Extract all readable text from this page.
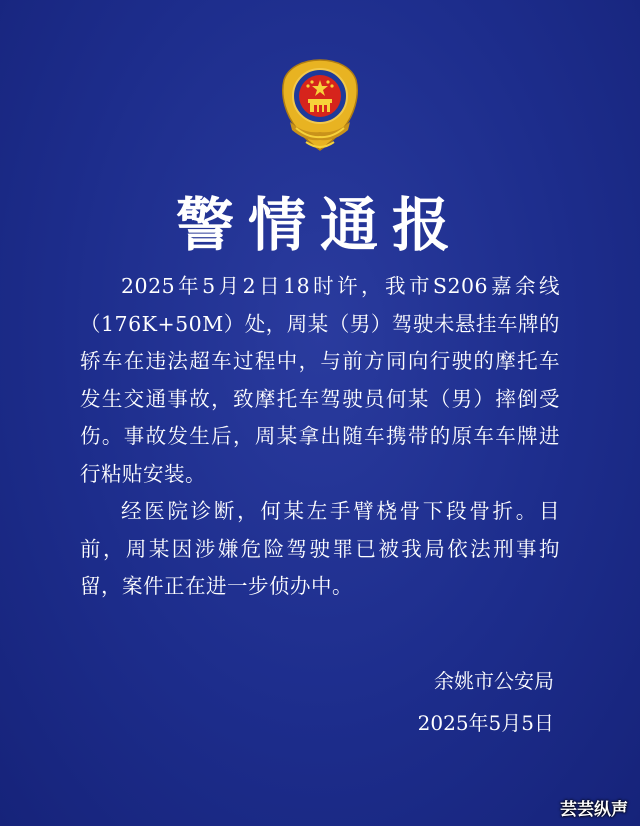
警情通报

2025年5月2日18时许，我市S206嘉余线（176K+50M）处，周某（男）驾驶未悬挂车牌的轿车在违法超车过程中，与前方同向行驶的摩托车发生交通事故，致摩托车驾驶员何某（男）摔倒受伤。事故发生后，周某拿出随车携带的原车车牌进行粘贴安装。

经医院诊断，何某左手臂桡骨下段骨折。目前，周某因涉嫌危险驾驶罪已被我局依法刑事拘留，案件正在进一步侦办中。

余姚市公安局
2025年5月5日
芸芸纵声
